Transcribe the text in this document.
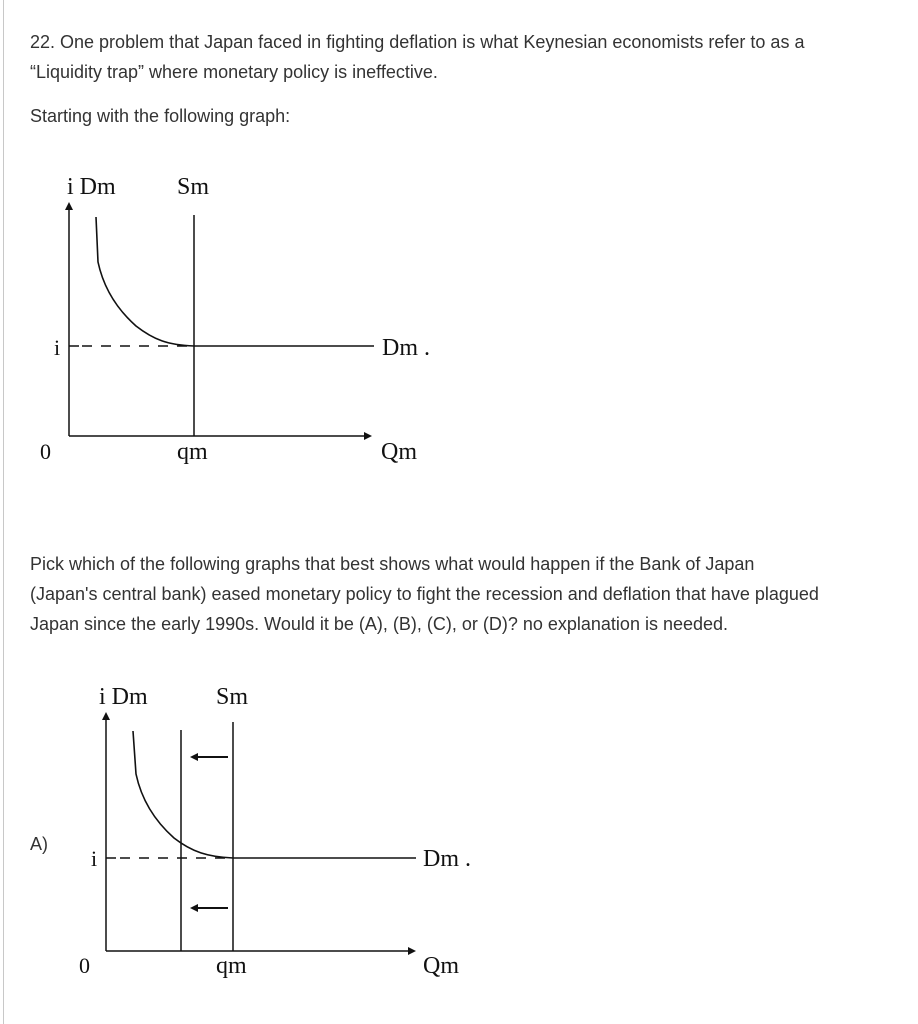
22. One problem that Japan faced in fighting deflation is what Keynesian economists refer to as a
“Liquidity trap” where monetary policy is ineffective.
Starting with the following graph:
i Dm	Sm
i	Dm .
0	qm	Qm
Pick which of the following graphs that best shows what would happen if the Bank of Japan
(Japan's central bank) eased monetary policy to fight the recession and deflation that have plagued
Japan since the early 1990s. Would it be (A), (B), (C), or (D)? no explanation is needed.
A)
i Dm	Sm
i	Dm .
0	qm	Qm
